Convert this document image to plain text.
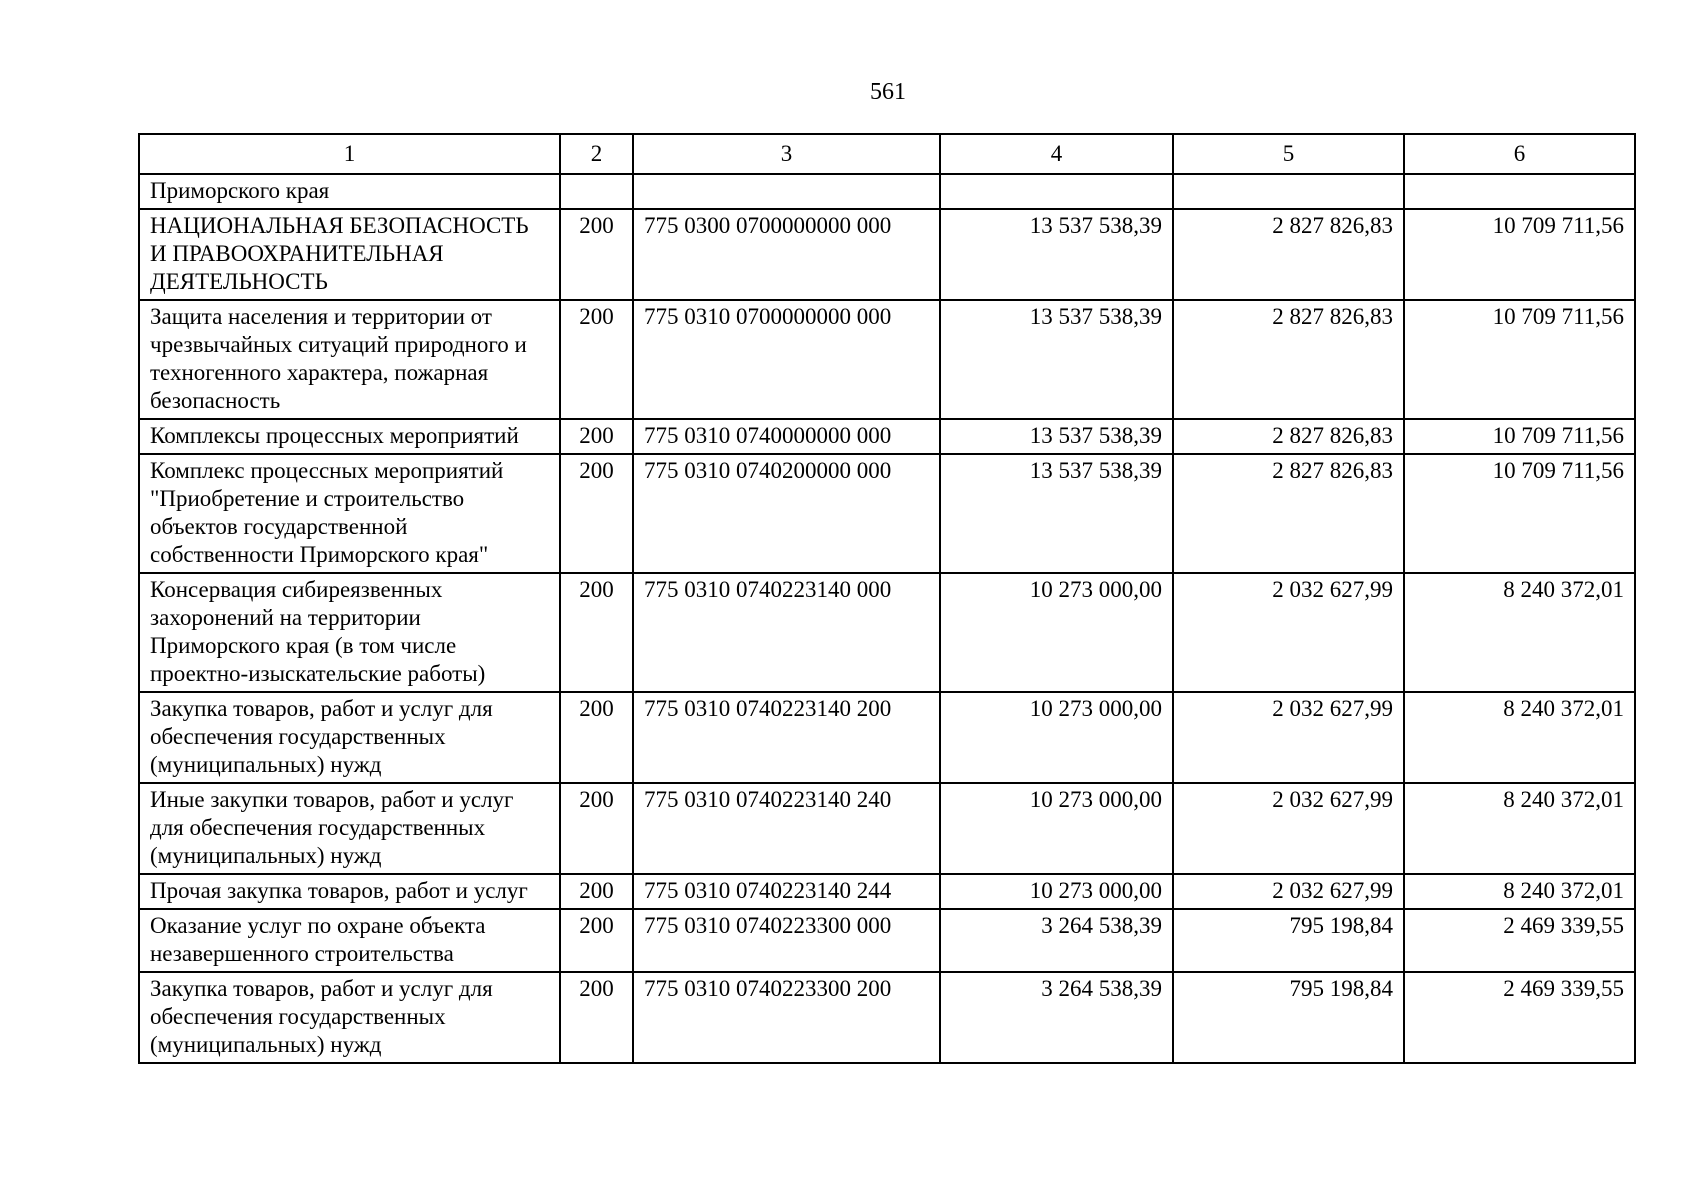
561
1	2	3	4	5	6
Приморского края					
НАЦИОНАЛЬНАЯ БЕЗОПАСНОСТЬ И ПРАВООХРАНИТЕЛЬНАЯ ДЕЯТЕЛЬНОСТЬ	200	775 0300 0700000000 000	13 537 538,39	2 827 826,83	10 709 711,56
Защита населения и территории от чрезвычайных ситуаций природного и техногенного характера, пожарная безопасность	200	775 0310 0700000000 000	13 537 538,39	2 827 826,83	10 709 711,56
Комплексы процессных мероприятий	200	775 0310 0740000000 000	13 537 538,39	2 827 826,83	10 709 711,56
Комплекс процессных мероприятий "Приобретение и строительство объектов государственной собственности Приморского края"	200	775 0310 0740200000 000	13 537 538,39	2 827 826,83	10 709 711,56
Консервация сибиреязвенных захоронений на территории Приморского края (в том числе проектно-изыскательские работы)	200	775 0310 0740223140 000	10 273 000,00	2 032 627,99	8 240 372,01
Закупка товаров, работ и услуг для обеспечения государственных (муниципальных) нужд	200	775 0310 0740223140 200	10 273 000,00	2 032 627,99	8 240 372,01
Иные закупки товаров, работ и услуг для обеспечения государственных (муниципальных) нужд	200	775 0310 0740223140 240	10 273 000,00	2 032 627,99	8 240 372,01
Прочая закупка товаров, работ и услуг	200	775 0310 0740223140 244	10 273 000,00	2 032 627,99	8 240 372,01
Оказание услуг по охране объекта незавершенного строительства	200	775 0310 0740223300 000	3 264 538,39	795 198,84	2 469 339,55
Закупка товаров, работ и услуг для обеспечения государственных (муниципальных) нужд	200	775 0310 0740223300 200	3 264 538,39	795 198,84	2 469 339,55
